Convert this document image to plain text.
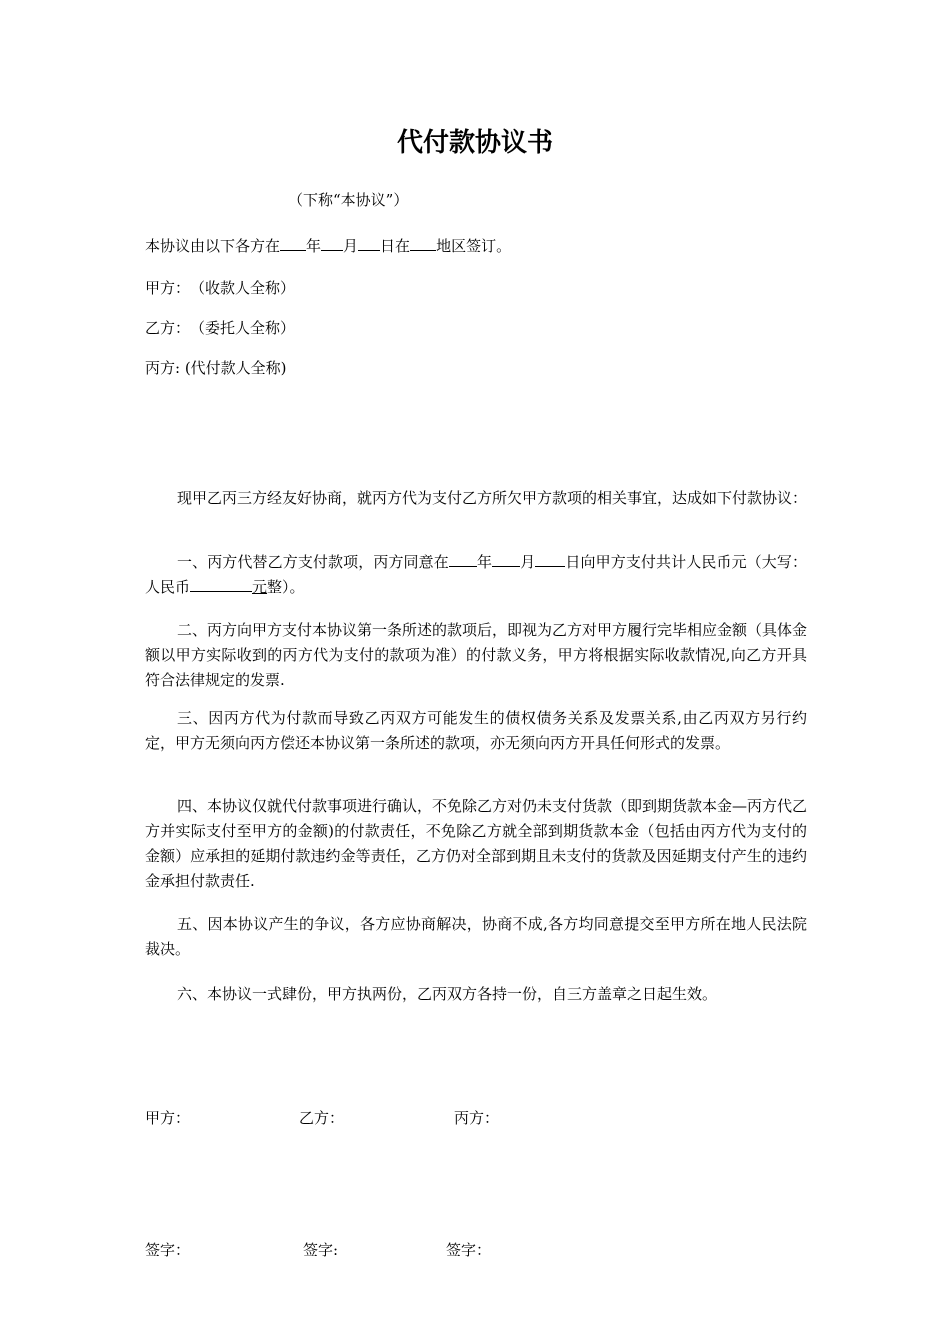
代付款协议书

（下称“本协议”）

本协议由以下各方在 年 月 日在 地区签订。

甲方：　（收款人全称）

乙方：　（委托人全称）

丙方: (代付款人全称)

现甲乙丙三方经友好协商，就丙方代为支付乙方所欠甲方款项的相关事宜，达成如下付款协议：

一、丙方代替乙方支付款项，丙方同意在 年 月 日向甲方支付共计人民币元（大写：人民币	元整）。

二、丙方向甲方支付本协议第一条所述的款项后，即视为乙方对甲方履行完毕相应金额（具体金额以甲方实际收到的丙方代为支付的款项为准）的付款义务，甲方将根据实际收款情况,向乙方开具符合法律规定的发票.

三、因丙方代为付款而导致乙丙双方可能发生的债权债务关系及发票关系,由乙丙双方另行约定，甲方无须向丙方偿还本协议第一条所述的款项，亦无须向丙方开具任何形式的发票。

四、本协议仅就代付款事项进行确认，不免除乙方对仍未支付货款（即到期货款本金—丙方代乙方并实际支付至甲方的金额)的付款责任，不免除乙方就全部到期货款本金（包括由丙方代为支付的金额）应承担的延期付款违约金等责任，乙方仍对全部到期且未支付的货款及因延期支付产生的违约金承担付款责任.

五、因本协议产生的争议，各方应协商解决，协商不成,各方均同意提交至甲方所在地人民法院裁决。

六、本协议一式肆份，甲方执两份，乙丙双方各持一份，自三方盖章之日起生效。

甲方：	乙方：	丙方：

签字：	签字:	签字：
